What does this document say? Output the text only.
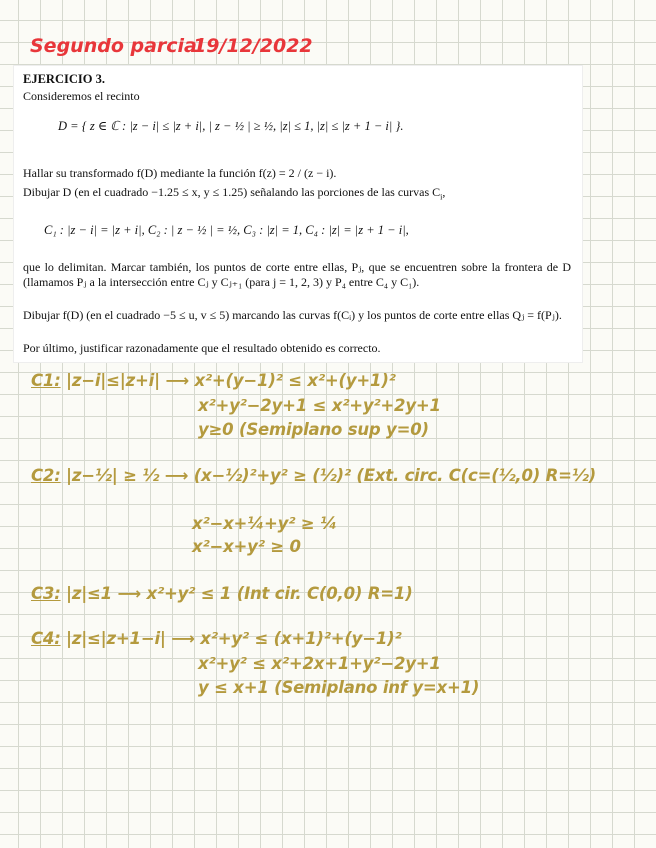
Segundo parcial
19/12/2022
EJERCICIO 3.
Consideremos el recinto
D = { z ∈ ℂ : |z − i| ≤ |z + i|, | z − ½ | ≥ ½, |z| ≤ 1, |z| ≤ |z + 1 − i| }.
Hallar su transformado f(D) mediante la función f(z) = 2 / (z − i).
Dibujar D (en el cuadrado −1.25 ≤ x, y ≤ 1.25) señalando las porciones de las curvas $C_i$,
C₁ : |z − i| = |z + i|, C₂ : | z − ½ | = ½, C₃ : |z| = 1, C₄ : |z| = |z + 1 − i|,
que lo delimitan. Marcar también, los puntos de corte entre ellas, Pⱼ, que se encuentren sobre la frontera de D (llamamos Pⱼ a la intersección entre Cⱼ y Cⱼ₊₁ (para j = 1, 2, 3) y P₄ entre C₄ y C₁).
Dibujar f(D) (en el cuadrado −5 ≤ u, v ≤ 5) marcando las curvas f(Cᵢ) y los puntos de corte entre ellas Qⱼ = f(Pⱼ).
Por último, justificar razonadamente que el resultado obtenido es correcto.
C1: |z−i|≤|z+i| ⟶ x²+(y−1)² ≤ x²+(y+1)²
x²+y²−2y+1 ≤ x²+y²+2y+1
y≥0 (Semiplano sup y=0)
C2: |z−½| ≥ ½ ⟶ (x−½)²+y² ≥ (½)² (Ext. circ. C(c=(½,0) R=½)
x²−x+¼+y² ≥ ¼
x²−x+y² ≥ 0
C3: |z|≤1 ⟶ x²+y² ≤ 1 (Int cir. C(0,0) R=1)
C4: |z|≤|z+1−i| ⟶ x²+y² ≤ (x+1)²+(y−1)²
x²+y² ≤ x²+2x+1+y²−2y+1
y ≤ x+1 (Semiplano inf y=x+1)
